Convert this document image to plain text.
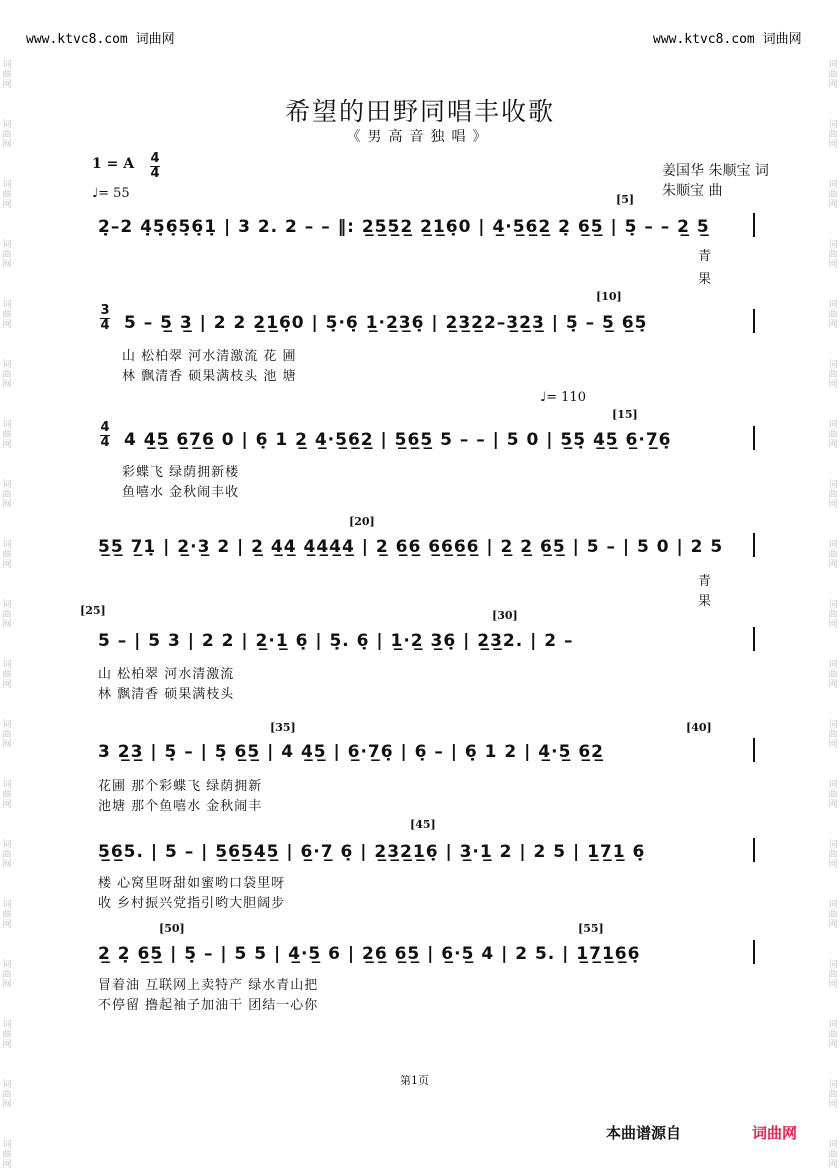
词
曲
网
词
曲
网
词
曲
网
词
曲
网
词
曲
网
词
曲
网
词
曲
网
词
曲
网
词
曲
网
词
曲
网
词
曲
网
词
曲
网
词
曲
网
词
曲
网
词
曲
网
词
曲
网
词
曲
网
词
曲
网
词
曲
网
词
曲
网
词
曲
网
词
曲
网
词
曲
网
词
曲
网
词
曲
网
词
曲
网
词
曲
网
词
曲
网
词
曲
网
词
曲
网
词
曲
网
词
曲
网
词
曲
网
词
曲
网
词
曲
网
词
曲
网
词
曲
网
词
曲
网
www.ktvc8.com 词曲网	www.ktvc8.com 词曲网
希望的田野同唱丰收歌
《男高音独唱》
1 = A 4
4
♩= 55
姜国华 朱顺宝 词
朱顺宝 曲
[5]
[10]
[15]
[20]
[25]	[30]
[35]	[40]
[45]
[50]	[55]
♩= 110
2̣–2 4̣5̣6̣5̣6̣1̣ | 3 2. 2 – – ‖: 2̲5̲5̲2̲ 2̲1̲6̣0 | 4̲·5̲6̲2̲ 2̣ 6̲5̲ | 5̣ – – 2̲ 5̲
青
果
3
4 5 – 5̲ 3̲ | 2 2 2̲1̲6̣0 | 5̣·6̣ 1̲·2̲3̲6̣ | 2̲3̲2̲2–3̲2̲3̲ | 5̣ – 5̲ 6̲5̣
山 松柏翠 河水清激流 花 圃
林 飘清香 硕果满枝头 池 塘
4
4 4 4̲5̲ 6̲7̲6̲ 0 | 6̣ 1 2̲ 4̲·5̲6̲2̲ | 5̲6̲5̲ 5 – – | 5 0 | 5̲5̣ 4̲5̲ 6̲·7̲6̣
彩蝶飞 绿荫拥新楼
鱼嘻水 金秋闹丰收
5̲5̲ 7̲1̣ | 2̲·3̲ 2 | 2̲ 4̲4̲ 4̲4̲4̲4̲ | 2̲ 6̲6̲ 6̲6̲6̲6̲ | 2̲ 2̲ 6̲5̲ | 5 – | 5 0 | 2 5
青
果
5 – | 5 3 | 2 2 | 2̲·1̲ 6̣ | 5̣. 6̣ | 1̲·2̲ 3̲6̣ | 2̲3̲2. | 2 –
山 松柏翠 河水清激流
林 飘清香 硕果满枝头
3 2̲3̲ | 5̣ – | 5̣ 6̲5̲ | 4 4̲5̲ | 6̲·7̲6̣ | 6̣ – | 6̣ 1 2 | 4̲·5̲ 6̲2̲
花圃 那个彩蝶飞 绿荫拥新
池塘 那个鱼嘻水 金秋闹丰
5̲6̲5. | 5 – | 5̲6̲5̲4̲5̲ | 6̲·7̲ 6̣ | 2̲3̲2̲1̲6̣ | 3̲·1̲ 2 | 2 5 | 1̲7̲1̲ 6̣
楼 心窝里呀甜如蜜哟口袋里呀
收 乡村振兴党指引哟大胆阔步
2̲ 2̣ 6̲5̲ | 5̣ – | 5 5 | 4̲·5̲ 6 | 2̲6̲ 6̲5̲ | 6̲·5̲ 4 | 2 5. | 1̲7̲1̲6̲6̣
冒着油 互联网上卖特产 绿水青山把
不停留 撸起袖子加油干 团结一心你
第1页
本曲谱源自	词曲网
